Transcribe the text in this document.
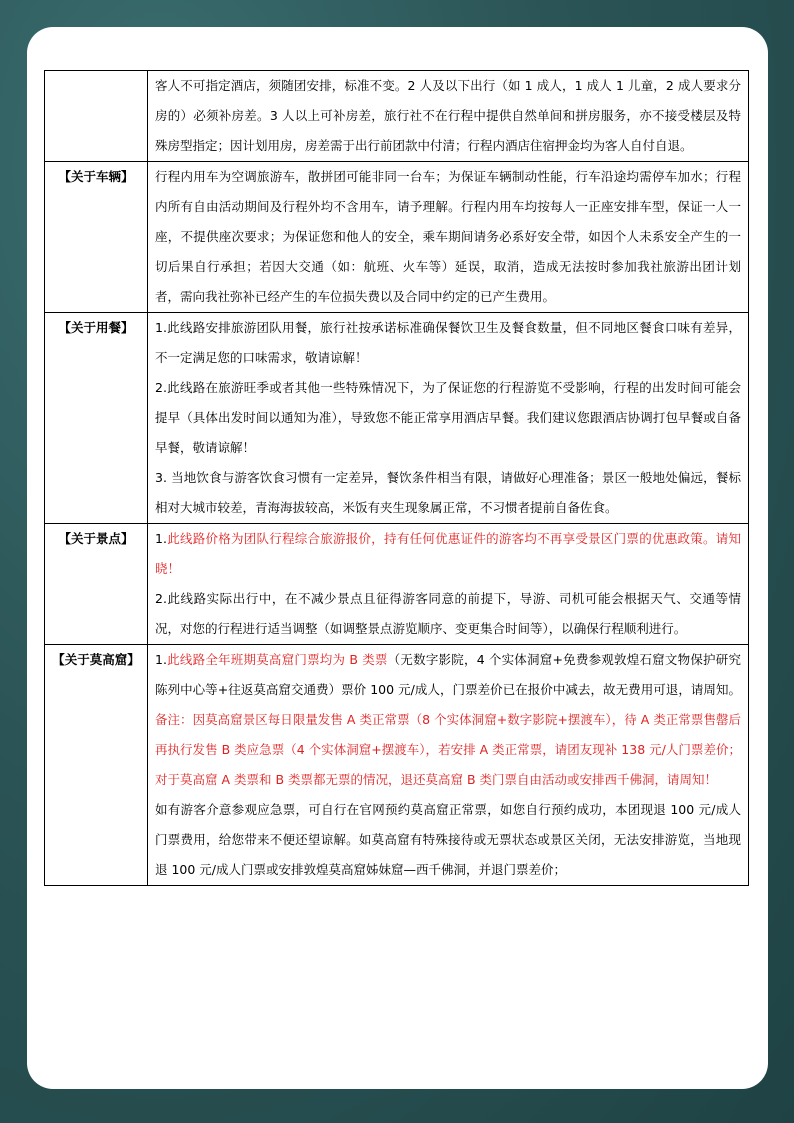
	客人不可指定酒店，须随团安排，标准不变。2 人及以下出行（如 1 成人，1 成人 1 儿童，2 成人要求分房的）必须补房差。3 人以上可补房差，旅行社不在行程中提供自然单间和拼房服务，亦不接受楼层及特殊房型指定；因计划用房，房差需于出行前团款中付清；行程内酒店住宿押金均为客人自付自退。

【关于车辆】	行程内用车为空调旅游车，散拼团可能非同一台车；为保证车辆制动性能，行车沿途均需停车加水；行程内所有自由活动期间及行程外均不含用车，请予理解。行程内用车均按每人一正座安排车型，保证一人一座，不提供座次要求；为保证您和他人的安全，乘车期间请务必系好安全带，如因个人未系安全产生的一切后果自行承担；若因大交通（如：航班、火车等）延误，取消，造成无法按时参加我社旅游出团计划者，需向我社弥补已经产生的车位损失费以及合同中约定的已产生费用。

【关于用餐】	1.此线路安排旅游团队用餐，旅行社按承诺标准确保餐饮卫生及餐食数量，但不同地区餐食口味有差异，不一定满足您的口味需求，敬请谅解！
2.此线路在旅游旺季或者其他一些特殊情况下，为了保证您的行程游览不受影响，行程的出发时间可能会提早（具体出发时间以通知为准），导致您不能正常享用酒店早餐。我们建议您跟酒店协调打包早餐或自备早餐，敬请谅解！
3. 当地饮食与游客饮食习惯有一定差异，餐饮条件相当有限，请做好心理准备；景区一般地处偏远，餐标相对大城市较差，青海海拔较高，米饭有夹生现象属正常，不习惯者提前自备佐食。

【关于景点】	1.此线路价格为团队行程综合旅游报价，持有任何优惠证件的游客均不再享受景区门票的优惠政策。请知晓！
2.此线路实际出行中，在不减少景点且征得游客同意的前提下，导游、司机可能会根据天气、交通等情况，对您的行程进行适当调整（如调整景点游览顺序、变更集合时间等），以确保行程顺利进行。

【关于莫高窟】	1.此线路全年班期莫高窟门票均为 B 类票（无数字影院，4 个实体洞窟+免费参观敦煌石窟文物保护研究陈列中心等+往返莫高窟交通费）票价 100 元/成人，门票差价已在报价中减去，故无费用可退，请周知。备注：因莫高窟景区每日限量发售 A 类正常票（8 个实体洞窟+数字影院+摆渡车），待 A 类正常票售罄后再执行发售 B 类应急票（4 个实体洞窟+摆渡车），若安排 A 类正常票，请团友现补 138 元/人门票差价；对于莫高窟 A 类票和 B 类票都无票的情况，退还莫高窟 B 类门票自由活动或安排西千佛洞，请周知！
如有游客介意参观应急票，可自行在官网预约莫高窟正常票，如您自行预约成功，本团现退 100 元/成人门票费用，给您带来不便还望谅解。如莫高窟有特殊接待或无票状态或景区关闭，无法安排游览，当地现退 100 元/成人门票或安排敦煌莫高窟姊妹窟—西千佛洞，并退门票差价；
